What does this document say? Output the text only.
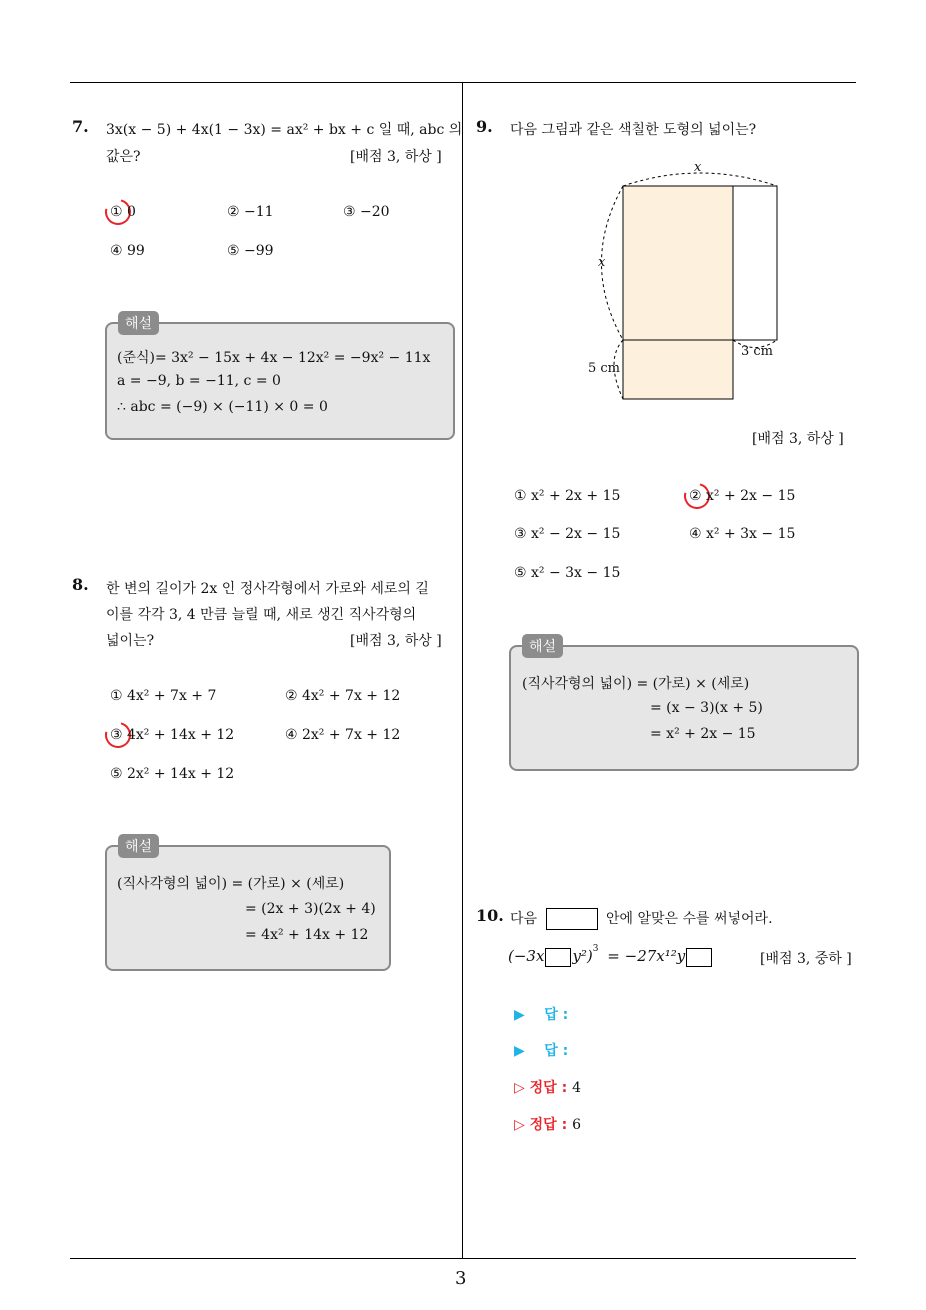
3
7. 3x(x − 5) + 4x(1 − 3x) = ax² + bx + c 일 때, abc 의
값은?	[배점 3, 하상 ]
① 0	② −11	③ −20
④ 99	⑤ −99
해설
(준식)= 3x² − 15x + 4x − 12x² = −9x² − 11x
a = −9, b = −11, c = 0
∴ abc = (−9) × (−11) × 0 = 0
8. 한 변의 길이가 2x 인 정사각형에서 가로와 세로의 길
이를 각각 3, 4 만큼 늘릴 때, 새로 생긴 직사각형의
넓이는?	[배점 3, 하상 ]
① 4x² + 7x + 7	② 4x² + 7x + 12
③ 4x² + 14x + 12	④ 2x² + 7x + 12
⑤ 2x² + 14x + 12
해설
(직사각형의 넓이) = (가로) × (세로)
= (2x + 3)(2x + 4)
= 4x² + 14x + 12
9. 다음 그림과 같은 색칠한 도형의 넓이는?
x
x
5 cm
3 cm
[배점 3, 하상 ]
① x² + 2x + 15	② x² + 2x − 15
③ x² − 2x − 15	④ x² + 3x − 15
⑤ x² − 3x − 15
해설
(직사각형의 넓이) = (가로) × (세로)
= (x − 3)(x + 5)
= x² + 2x − 15
10. 다음	안에 알맞은 수를 써넣어라.
(−3x y²)$^3$ = −27x¹²y	[배점 3, 중하 ]
▶ 답 :
▶ 답 :
▷ 정답 : 4
▷ 정답 : 6
